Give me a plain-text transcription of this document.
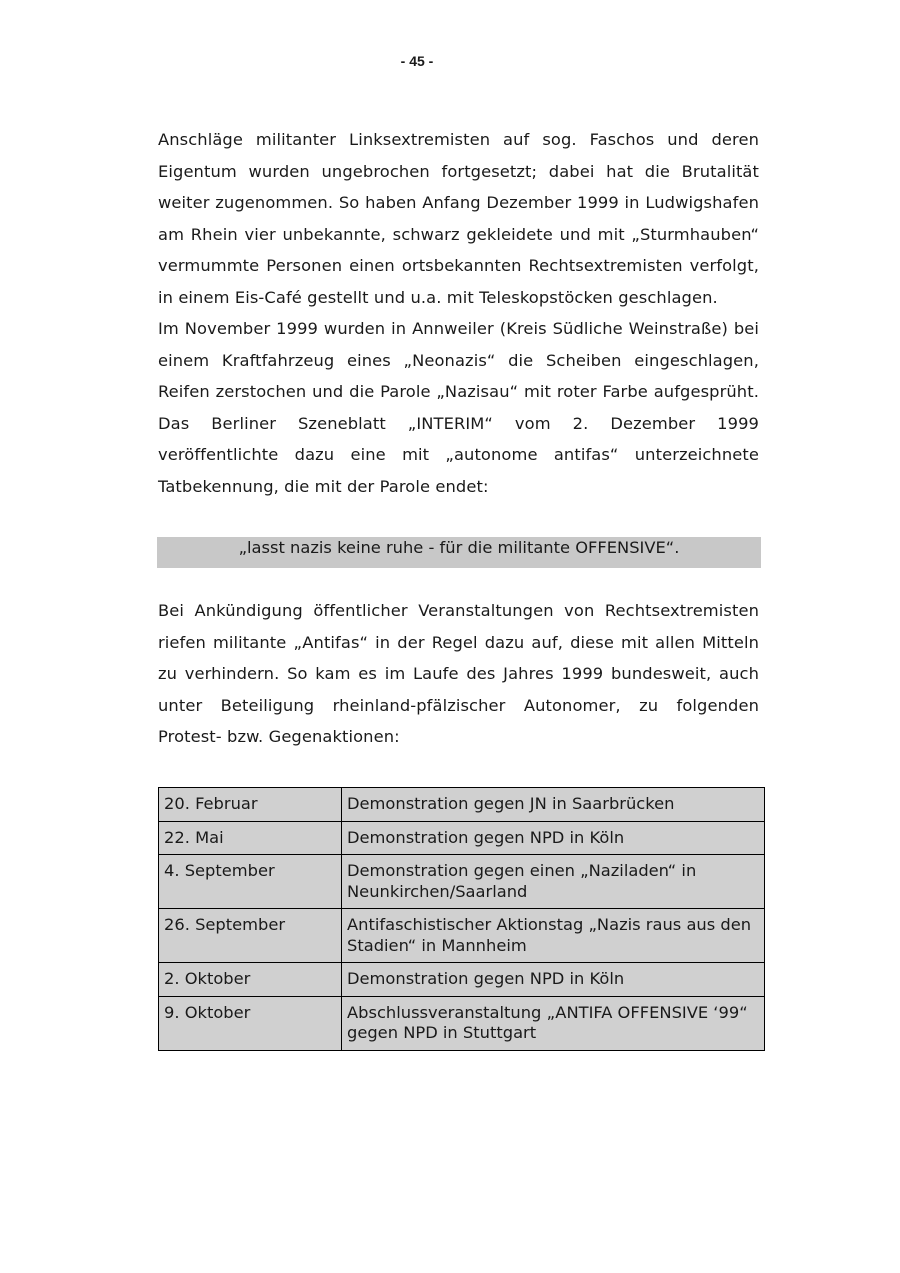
- 45 -

Anschläge militanter Linksextremisten auf sog. Faschos und deren Eigentum wurden ungebrochen fortgesetzt; dabei hat die Brutalität weiter zugenommen. So haben Anfang Dezember 1999 in Ludwigshafen am Rhein vier unbekannte, schwarz gekleidete und mit „Sturmhauben“ vermummte Personen einen ortsbekannten Rechtsextremisten verfolgt, in einem Eis-Café gestellt und u.a. mit Teleskopstöcken geschlagen.

Im November 1999 wurden in Annweiler (Kreis Südliche Weinstraße) bei einem Kraftfahrzeug eines „Neonazis“ die Scheiben eingeschlagen, Reifen zerstochen und die Parole „Nazisau“ mit roter Farbe aufgesprüht. Das Berliner Szeneblatt „INTERIM“ vom 2. Dezember 1999 veröffentlichte dazu eine mit „autonome antifas“ unterzeichnete Tatbekennung, die mit der Parole endet:

„lasst nazis keine ruhe - für die militante OFFENSIVE“.

Bei Ankündigung öffentlicher Veranstaltungen von Rechtsextremisten riefen militante „Antifas“ in der Regel dazu auf, diese mit allen Mitteln zu verhindern. So kam es im Laufe des Jahres 1999 bundesweit, auch unter Beteiligung rheinland-pfälzischer Autonomer, zu folgenden Protest- bzw. Gegenaktionen:

20. Februar	Demonstration gegen JN in Saarbrücken
22. Mai	Demonstration gegen NPD in Köln
4. September	Demonstration gegen einen „Naziladen“ in Neunkirchen/Saarland
26. September	Antifaschistischer Aktionstag „Nazis raus aus den Stadien“ in Mannheim
2. Oktober	Demonstration gegen NPD in Köln
9. Oktober	Abschlussveranstaltung „ANTIFA OFFENSIVE ‘99“ gegen NPD in Stuttgart
